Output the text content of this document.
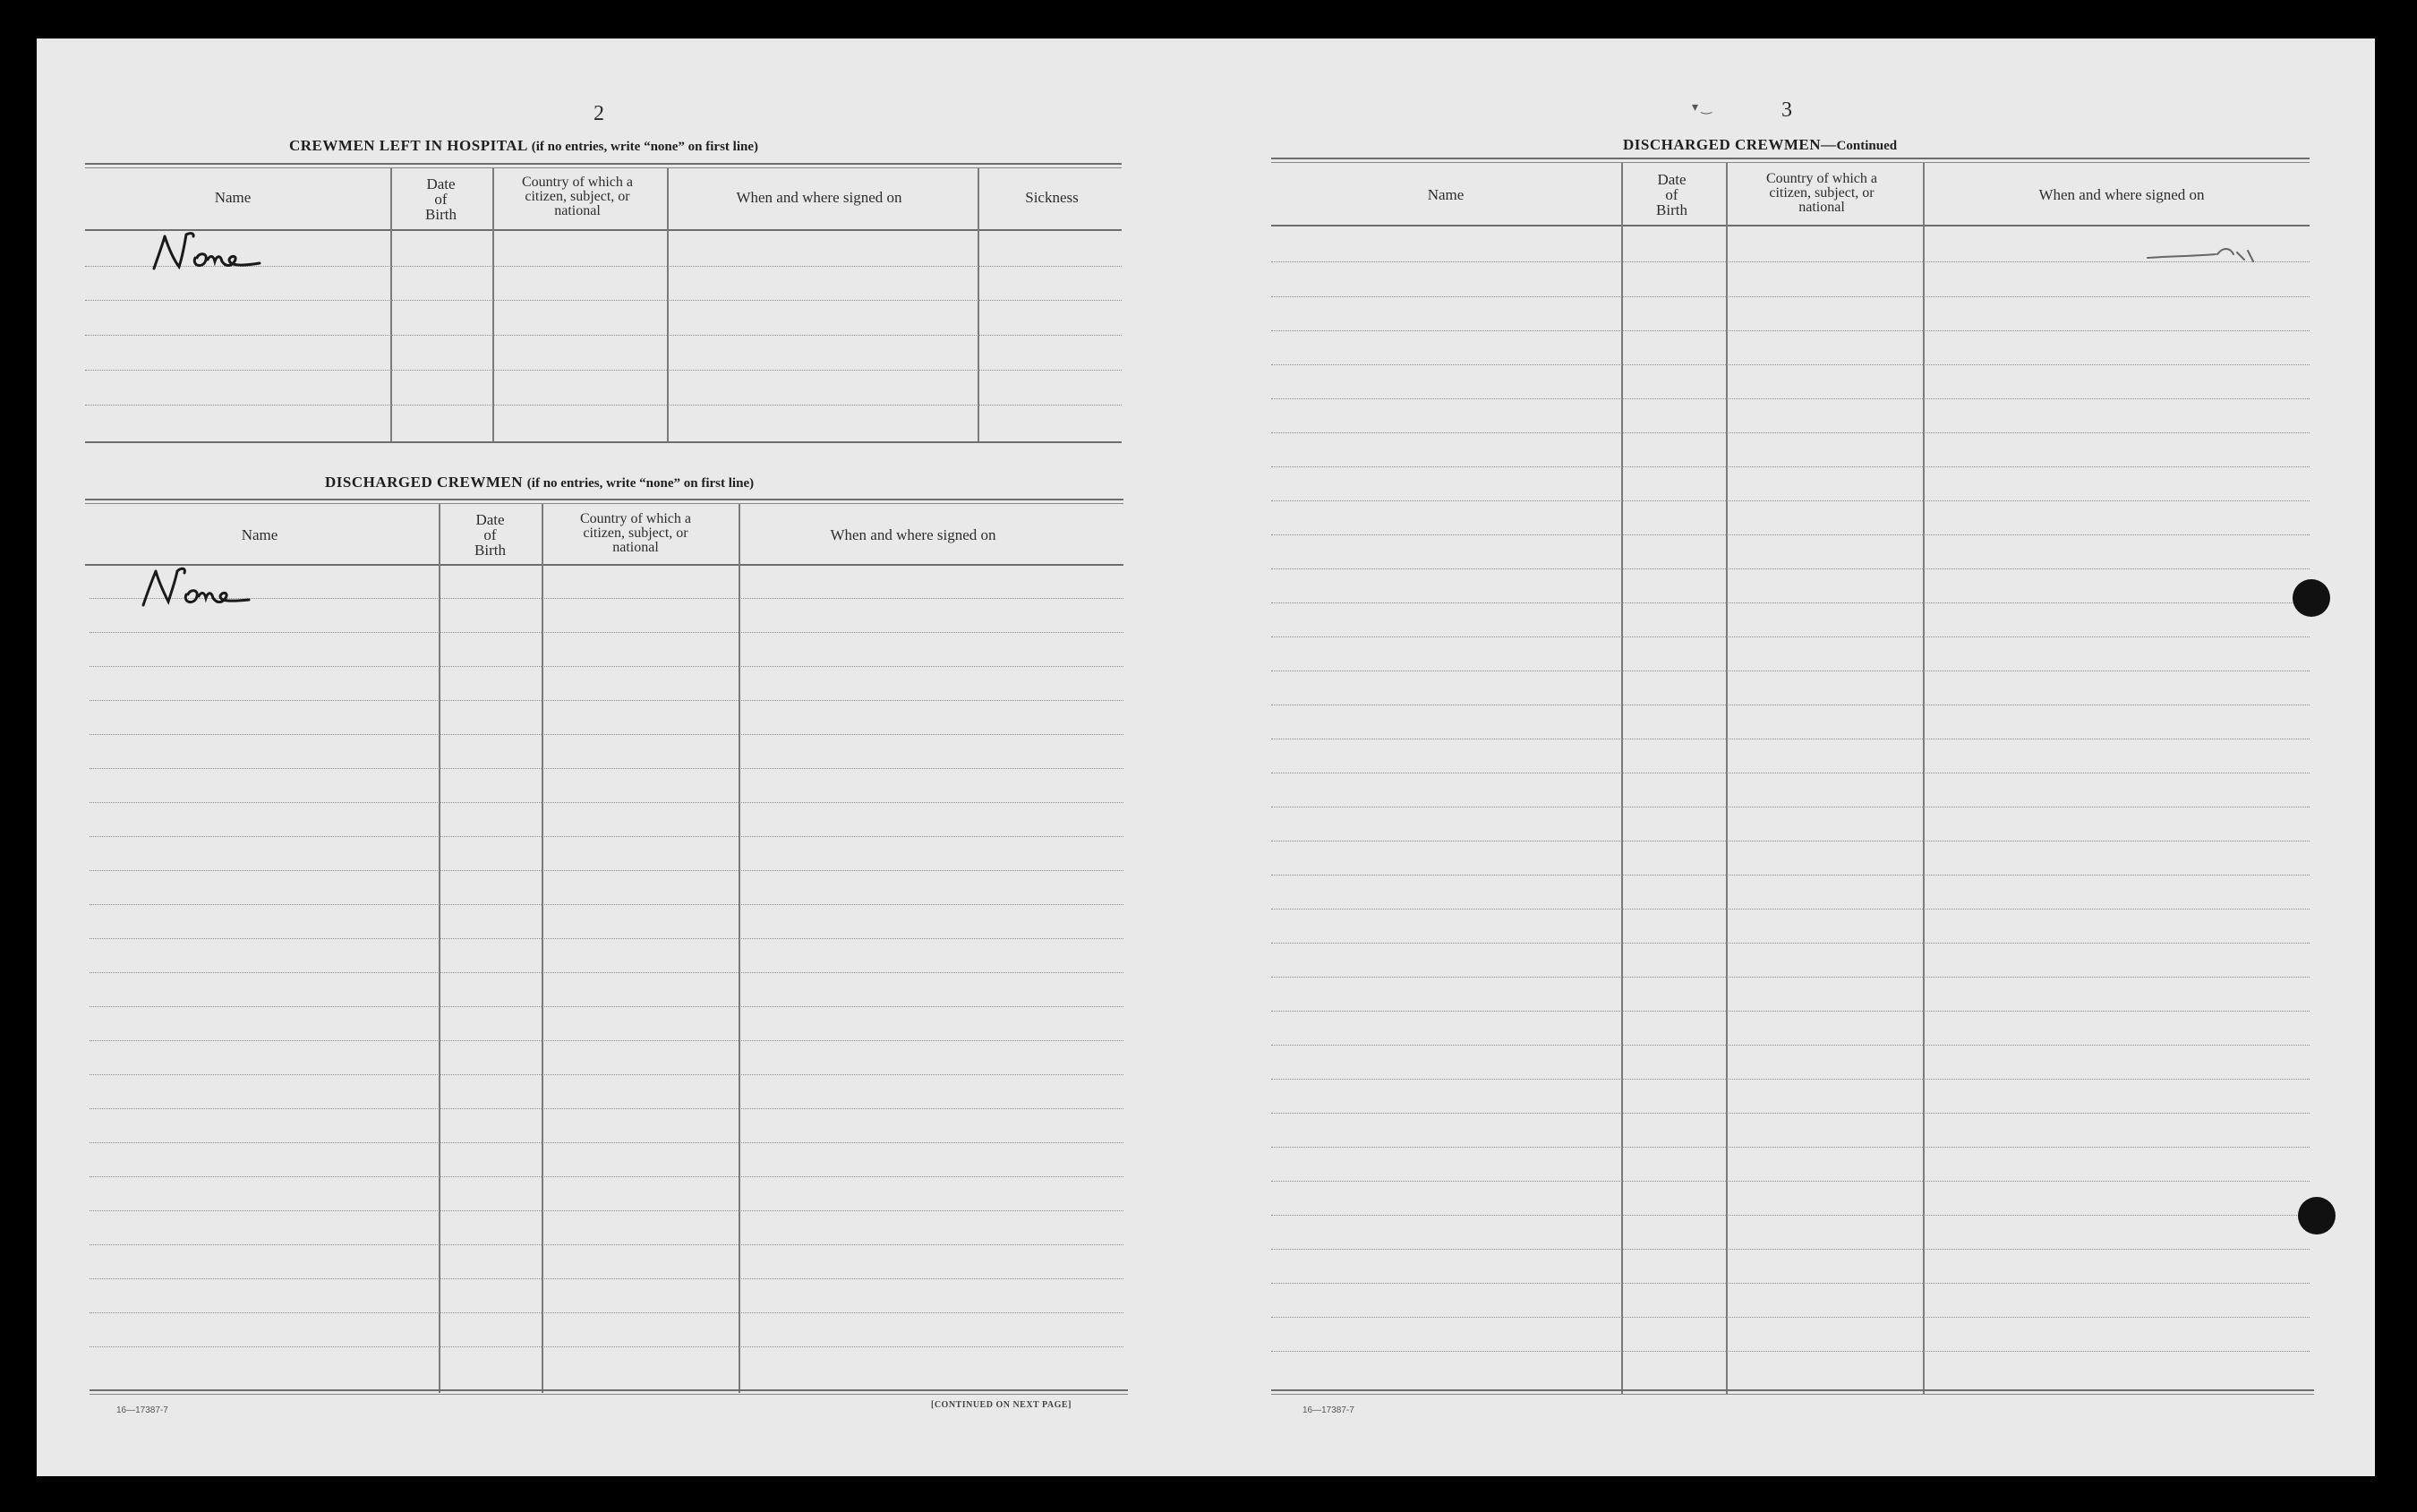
2
CREWMEN LEFT IN HOSPITAL (if no entries, write “none” on first line)
Name
Date
of
Birth
Country of which a
citizen, subject, or
national
When and where signed on	Sickness
DISCHARGED CREWMEN (if no entries, write “none” on first line)
Name
Date
of
Birth
Country of which a
citizen, subject, or
national
When and where signed on
16—17387-7
[CONTINUED ON NEXT PAGE]
▾ ‿	3
DISCHARGED CREWMEN—Continued
Name
Date
of
Birth
Country of which a
citizen, subject, or
national
When and where signed on
16—17387-7
